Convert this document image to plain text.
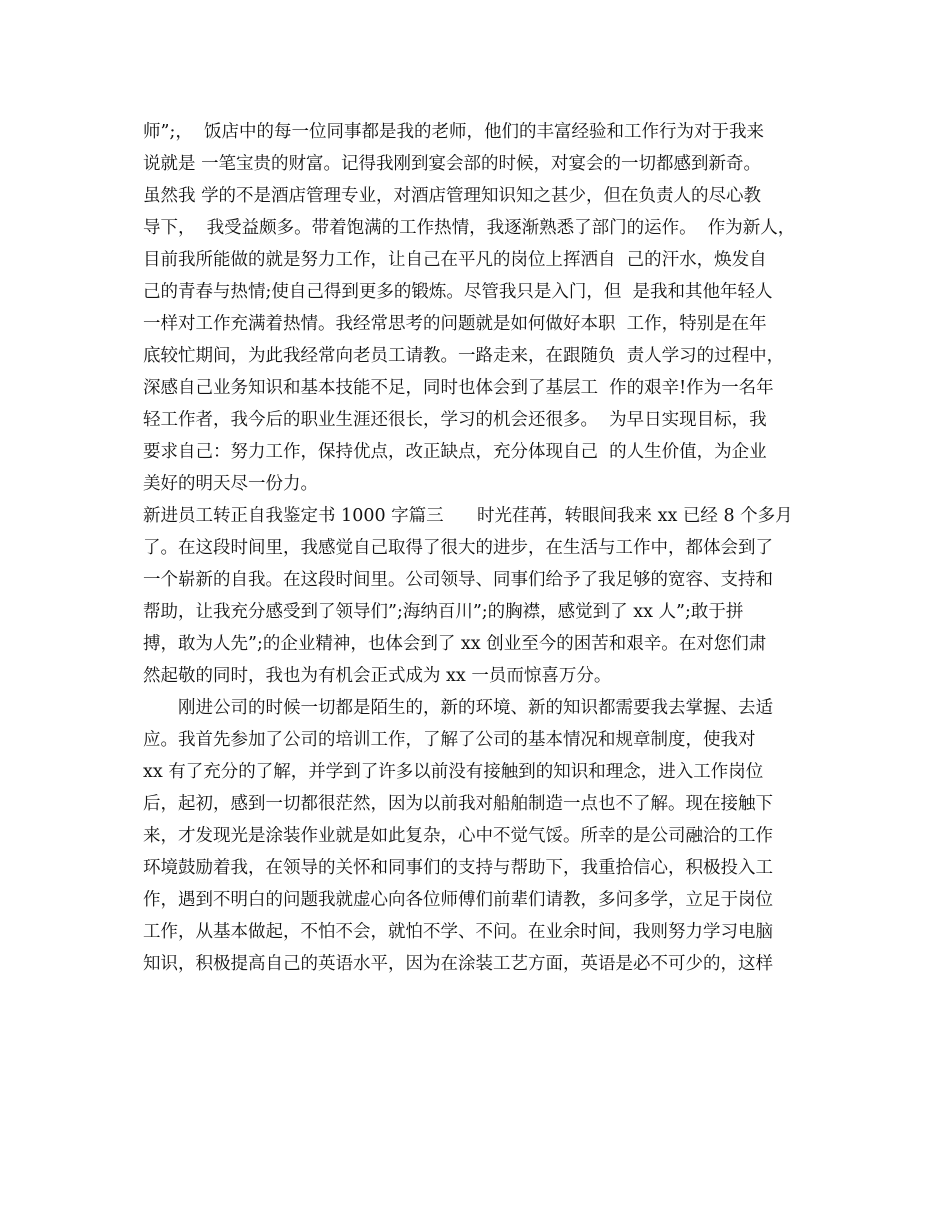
师”;，  饭店中的每一位同事都是我的老师，他们的丰富经验和工作行为对于我来
说就是 一笔宝贵的财富。记得我刚到宴会部的时候，对宴会的一切都感到新奇。
虽然我 学的不是酒店管理专业，对酒店管理知识知之甚少，但在负责人的尽心教
导下，  我受益颇多。带着饱满的工作热情，我逐渐熟悉了部门的运作。  作为新人，
目前我所能做的就是努力工作，让自己在平凡的岗位上挥洒自  己的汗水，焕发自
己的青春与热情;使自己得到更多的锻炼。尽管我只是入门，但  是我和其他年轻人
一样对工作充满着热情。我经常思考的问题就是如何做好本职  工作，特别是在年
底较忙期间，为此我经常向老员工请教。一路走来，在跟随负  责人学习的过程中，
深感自己业务知识和基本技能不足，同时也体会到了基层工  作的艰辛!作为一名年
轻工作者，我今后的职业生涯还很长，学习的机会还很多。  为早日实现目标，我
要求自己：努力工作，保持优点，改正缺点，充分体现自己  的人生价值，为企业
美好的明天尽一份力。
新进员工转正自我鉴定书 1000 字篇三      时光荏苒，转眼间我来 xx 已经 8 个多月
了。在这段时间里，我感觉自己取得了很大的进步，在生活与工作中，都体会到了
一个崭新的自我。在这段时间里。公司领导、同事们给予了我足够的宽容、支持和
帮助，让我充分感受到了领导们”;海纳百川”;的胸襟，感觉到了 xx 人”;敢于拼
搏，敢为人先”;的企业精神，也体会到了 xx 创业至今的困苦和艰辛。在对您们肃
然起敬的同时，我也为有机会正式成为 xx 一员而惊喜万分。
刚进公司的时候一切都是陌生的，新的环境、新的知识都需要我去掌握、去适
应。我首先参加了公司的培训工作，了解了公司的基本情况和规章制度，使我对
xx 有了充分的了解，并学到了许多以前没有接触到的知识和理念，进入工作岗位
后，起初，感到一切都很茫然，因为以前我对船舶制造一点也不了解。现在接触下
来，才发现光是涂装作业就是如此复杂，心中不觉气馁。所幸的是公司融洽的工作
环境鼓励着我，在领导的关怀和同事们的支持与帮助下，我重拾信心，积极投入工
作，遇到不明白的问题我就虚心向各位师傅们前辈们请教，多问多学，立足于岗位
工作，从基本做起，不怕不会，就怕不学、不问。在业余时间，我则努力学习电脑
知识，积极提高自己的英语水平，因为在涂装工艺方面，英语是必不可少的，这样
